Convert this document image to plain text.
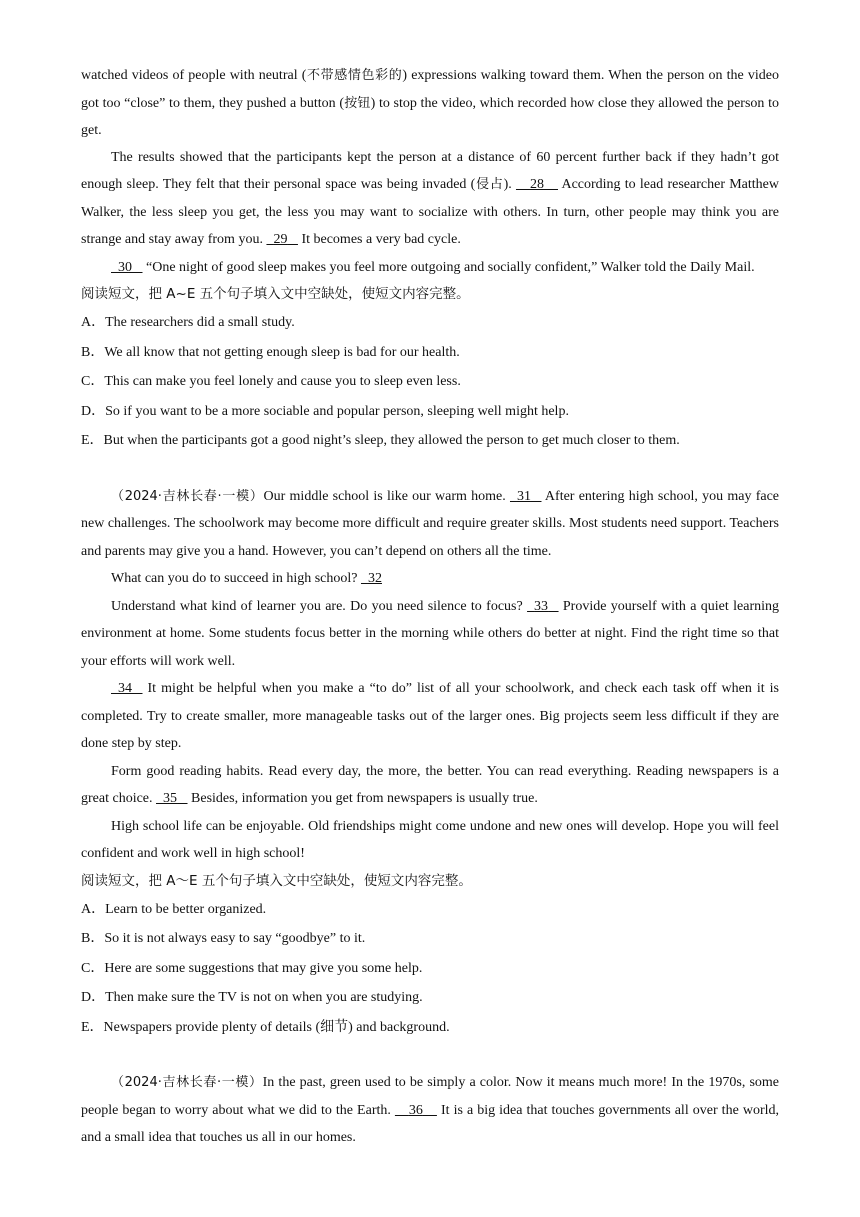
watched videos of people with neutral (不带感情色彩的) expressions walking toward them. When the person on the video got too “close” to them, they pushed a button (按钮) to stop the video, which recorded how close they allowed the person to get.

The results showed that the participants kept the person at a distance of 60 percent further back if they hadn’t got enough sleep. They felt that their personal space was being invaded (侵占).     28     According to lead researcher Matthew Walker, the less sleep you get, the less you may want to socialize with others. In turn, other people may think you are strange and stay away from you.   29    It becomes a very bad cycle.

30    “One night of good sleep makes you feel more outgoing and socially confident,” Walker told the Daily Mail.

阅读短文，把 A~E 五个句子填入文中空缺处，使短文内容完整。

A．The researchers did a small study.

B．We all know that not getting enough sleep is bad for our health.

C．This can make you feel lonely and cause you to sleep even less.

D．So if you want to be a more sociable and popular person, sleeping well might help.

E．But when the participants got a good night’s sleep, they allowed the person to get much closer to them.

（2024·吉林长春·一模）Our middle school is like our warm home.   31    After entering high school, you may face new challenges. The schoolwork may become more difficult and require greater skills. Most students need support. Teachers and parents may give you a hand. However, you can’t depend on others all the time.

What can you do to succeed in high school?   32

Understand what kind of learner you are. Do you need silence to focus?   33    Provide yourself with a quiet learning environment at home. Some students focus better in the morning while others do better at night. Find the right time so that your efforts will work well.

34    It might be helpful when you make a “to do” list of all your schoolwork, and check each task off when it is completed. Try to create smaller, more manageable tasks out of the larger ones. Big projects seem less difficult if they are done step by step.

Form good reading habits. Read every day, the more, the better. You can read everything. Reading newspapers is a great choice.   35    Besides, information you get from newspapers is usually true.

High school life can be enjoyable. Old friendships might come undone and new ones will develop. Hope you will feel confident and work well in high school!

阅读短文，把 A～E 五个句子填入文中空缺处，使短文内容完整。

A．Learn to be better organized.

B．So it is not always easy to say “goodbye” to it.

C．Here are some suggestions that may give you some help.

D．Then make sure the TV is not on when you are studying.

E．Newspapers provide plenty of details (细节) and background.

（2024·吉林长春·一模）In the past, green used to be simply a color. Now it means much more! In the 1970s, some people began to worry about what we did to the Earth.     36     It is a big idea that touches governments all over the world, and a small idea that touches us all in our homes.
